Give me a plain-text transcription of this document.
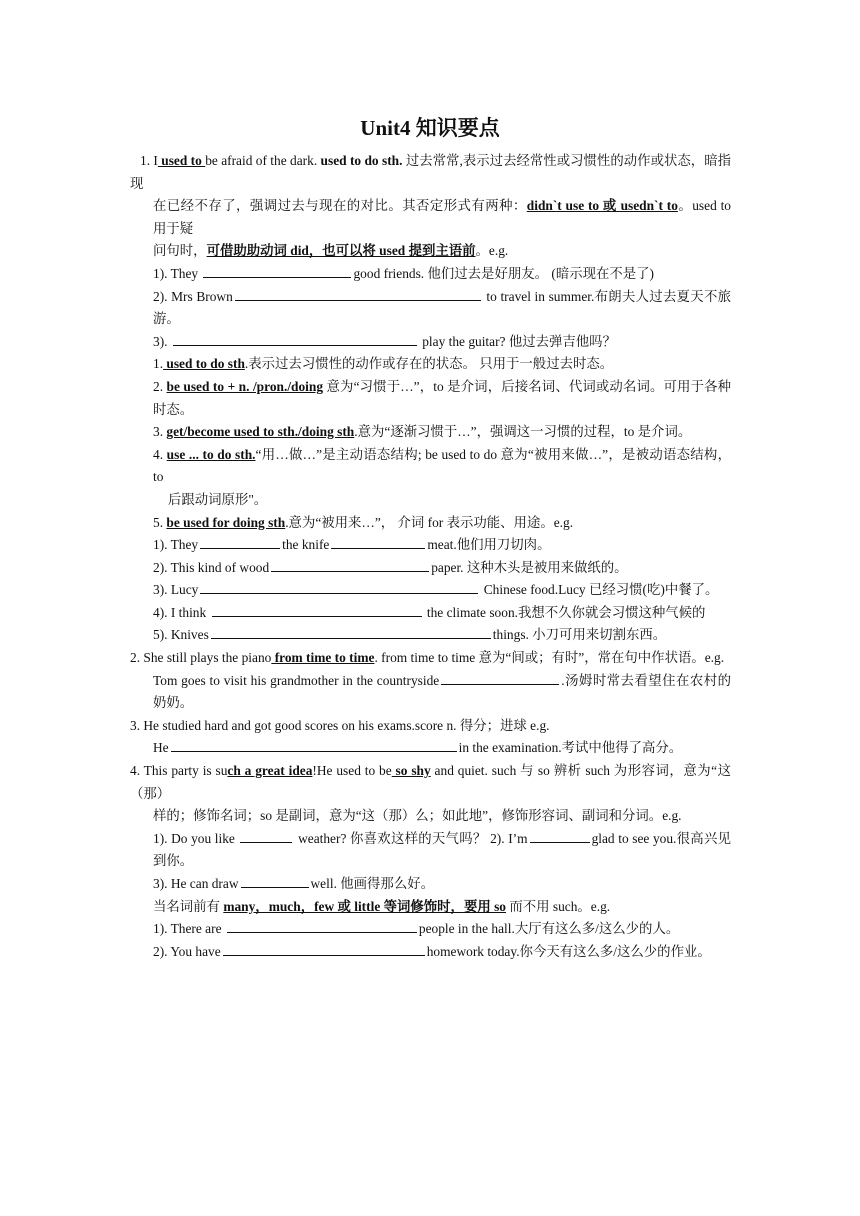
Unit4 知识要点

1. I used to be afraid of the dark. used to do sth. 过去常常,表示过去经常性或习惯性的动作或状态，暗指现

在已经不存了，强调过去与现在的对比。其否定形式有两种：didn`t use to 或 usedn`t to。used to 用于疑

问句时，可借助助动词 did，也可以将 used 提到主语前。e.g.

1). They	good friends. 他们过去是好朋友。 (暗示现在不是了)

2). Mrs Brown	to travel in summer.布朗夫人过去夏天不旅游。

3).	play the guitar? 他过去弹吉他吗？

1. used to do sth.表示过去习惯性的动作或存在的状态。 只用于一般过去时态。

2. be used to + n. /pron./doing 意为“习惯于…”，to 是介词，后接名词、代词或动名词。可用于各种时态。

3. get/become used to sth./doing sth.意为“逐渐习惯于…”，强调这一习惯的过程，to 是介词。

4. use ... to do sth.“用…做…”是主动语态结构; be used to do 意为“被用来做…”，是被动语态结构，to

后跟动词原形"。

5. be used for doing sth.意为“被用来…”， 介词 for 表示功能、用途。e.g.

1). They	the knife	meat.他们用刀切肉。

2). This kind of wood	paper. 这种木头是被用来做纸的。

3). Lucy	Chinese food.Lucy 已经习惯(吃)中餐了。

4). I think	the climate soon.我想不久你就会习惯这种气候的

5). Knives	things. 小刀可用来切割东西。

2. She still plays the piano from time to time. from time to time 意为“间或；有时”，常在句中作状语。e.g.

Tom goes to visit his grandmother in the countryside	.汤姆时常去看望住在农村的奶奶。

3. He studied hard and got good scores on his exams.score n. 得分；进球 e.g.

He	in the examination.考试中他得了高分。

4. This party is such a great idea!He used to be so shy and quiet. such 与 so 辨析 such 为形容词，意为“这（那）

样的；修饰名词；so 是副词，意为“这（那）么；如此地”，修饰形容词、副词和分词。e.g.

1). Do you like	weather? 你喜欢这样的天气吗？ 2). I’m	glad to see you.很高兴见到你。

3). He can draw	well. 他画得那么好。

当名词前有 many，much，few 或 little 等词修饰时，要用 so 而不用 such。e.g.

1). There are	people in the hall.大厅有这么多/这么少的人。

2). You have	homework today.你今天有这么多/这么少的作业。
